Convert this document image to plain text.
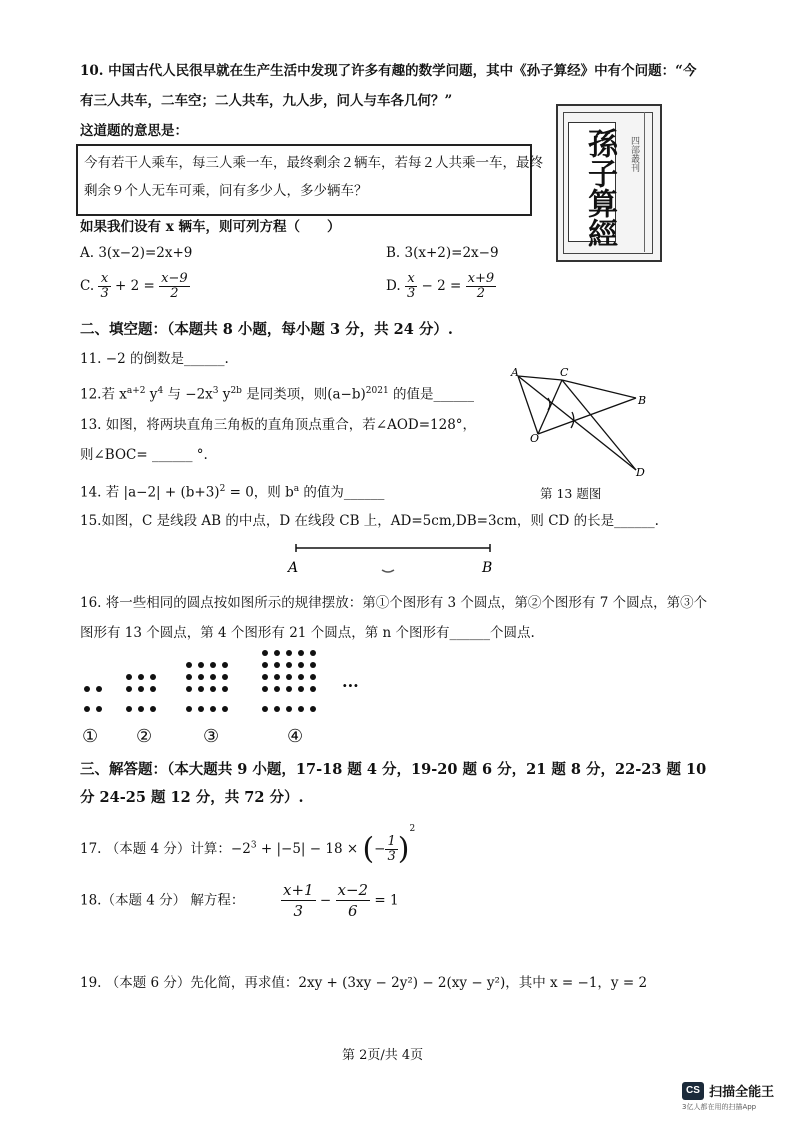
10. 中国古代人民很早就在生产生活中发现了许多有趣的数学问题，其中《孙子算经》中有个问题：“今
有三人共车，二车空；二人共车，九人步，问人与车各几何？”
这道题的意思是：
今有若干人乘车，每三人乘一车，最终剩余２辆车，若每２人共乘一车，最终
剩余９个人无车可乘，问有多少人，多少辆车？	孫子算經 四部叢刊
如果我们设有 x 辆车，则可列方程（　　）
A. 3(x−2)=2x+9	B. 3(x+2)=2x−9
C. $\frac{x}{3} + 2 = \frac{x-9}{2}$	D. $\frac{x}{3} - 2 = \frac{x+9}{2}$
二、填空题：（本题共 8 小题，每小题 3 分，共 24 分）.
11. −2 的倒数是______.
12.若 $x^{a+2}$ $y^4$ 与 $-2x^3$ $y^{2b}$ 是同类项，则$(a-b)^{2021}$ 的值是______
13. 如图，将两块直角三角板的直角顶点重合，若∠AOD=128°，
则∠BOC= ______ °.
A	C
B
O
D
第 13 题图
14. 若 $|a-2| + (b+3)^2 = 0$，则 $b^a$ 的值为______
15.如图，C 是线段 AB 的中点，D 在线段 CB 上，AD=5cm,DB=3cm，则 CD 的长是______.
A	B
16. 将一些相同的圆点按如图所示的规律摆放：第①个图形有 3 个圆点，第②个图形有 7 个圆点，第③个
图形有 13 个圆点，第 4 个图形有 21 个圆点，第 n 个图形有______个圆点.
① ②	③	④
···
三、解答题：（本大题共 9 小题，17-18 题 4 分，19-20 题 6 分，21 题 8 分，22-23 题 10
分 24-25 题 12 分，共 72 分）.
17. （本题 4 分）计算：$-2^3 + |-5| - 18$ × (− $\frac{1}{3} )^2$
18.（本题 4 分） 解方程： $\frac{x+1}{3} - \frac{x-2}{6} = 1$
19. （本题 6 分）先化简，再求值：2xy + (3xy − 2y²) − 2(xy − y²)，其中 x = −1，y = 2
第 2页/共 4页
CS 扫描全能王
3亿人都在用的扫描App
